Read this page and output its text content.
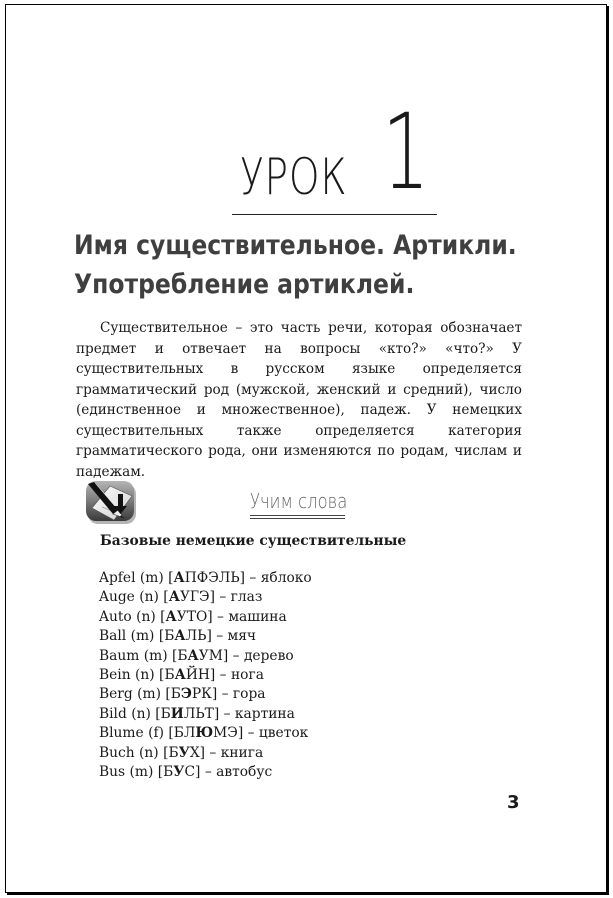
УРОК 1
Имя существительное. Артикли.
Употребление артиклей.

Существительное – это часть речи, которая обозначает предмет и отвечает на вопросы «кто?» «что?» У существительных в русском языке определяется грамматический род (мужской, женский и средний), число (единственное и множественное), падеж. У немецких существительных также определяется категория грамматического рода, они изменяются по родам, числам и падежам.

Учим слова
Базовые немецкие существительные
Apfel (m) [АПФЭЛЬ] – яблоко
Auge (n) [АУГЭ] – глаз
Auto (n) [АУТО] – машина
Ball (m) [БАЛЬ] – мяч
Baum (m) [БАУМ] – дерево
Bein (n) [БАЙН] – нога
Berg (m) [БЭРК] – гора
Bild (n) [БИЛЬТ] – картина
Blume (f) [БЛЮМЭ] – цветок
Buch (n) [БУХ] – книга
Bus (m) [БУС] – автобус
3
